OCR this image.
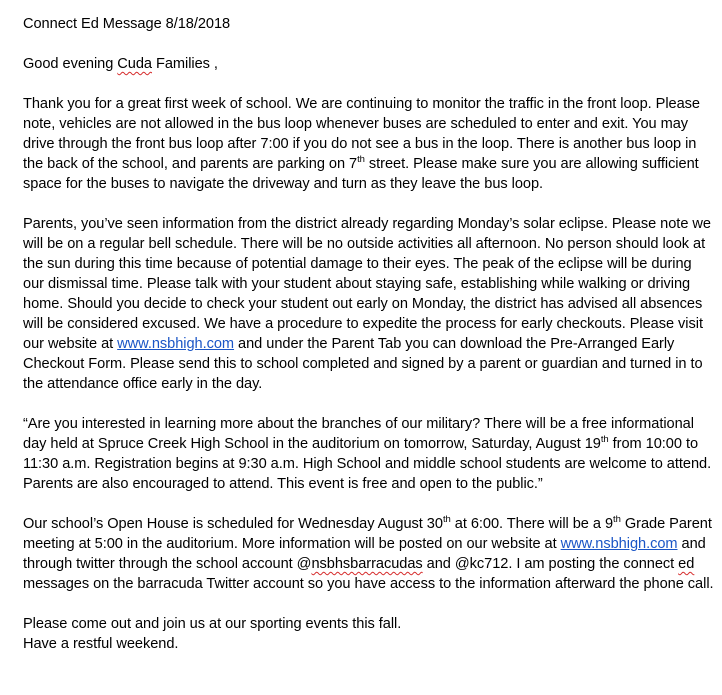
Connect Ed Message 8/18/2018

Good evening Cuda Families ,

Thank you for a great first week of school. We are continuing to monitor the traffic in the front loop. Please note, vehicles are not allowed in the bus loop whenever buses are scheduled to enter and exit. You may drive through the front bus loop after 7:00 if you do not see a bus in the loop. There is another bus loop in the back of the school, and parents are parking on 7th street. Please make sure you are allowing sufficient space for the buses to navigate the driveway and turn as they leave the bus loop.

Parents, you’ve seen information from the district already regarding Monday’s solar eclipse. Please note we will be on a regular bell schedule. There will be no outside activities all afternoon. No person should look at the sun during this time because of potential damage to their eyes. The peak of the eclipse will be during our dismissal time. Please talk with your student about staying safe, establishing while walking or driving home. Should you decide to check your student out early on Monday, the district has advised all absences will be considered excused. We have a procedure to expedite the process for early checkouts. Please visit our website at www.nsbhigh.com and under the Parent Tab you can download the Pre-Arranged Early Checkout Form. Please send this to school completed and signed by a parent or guardian and turned in to the attendance office early in the day.

“Are you interested in learning more about the branches of our military? There will be a free informational day held at Spruce Creek High School in the auditorium on tomorrow, Saturday, August 19th from 10:00 to 11:30 a.m. Registration begins at 9:30 a.m. High School and middle school students are welcome to attend. Parents are also encouraged to attend. This event is free and open to the public.”

Our school’s Open House is scheduled for Wednesday August 30th at 6:00. There will be a 9th Grade Parent meeting at 5:00 in the auditorium. More information will be posted on our website at www.nsbhigh.com and through twitter through the school account @nsbhsbarracudas and @kc712. I am posting the connect ed messages on the barracuda Twitter account so you have access to the information afterward the phone call.

Please come out and join us at our sporting events this fall.

Have a restful weekend.
